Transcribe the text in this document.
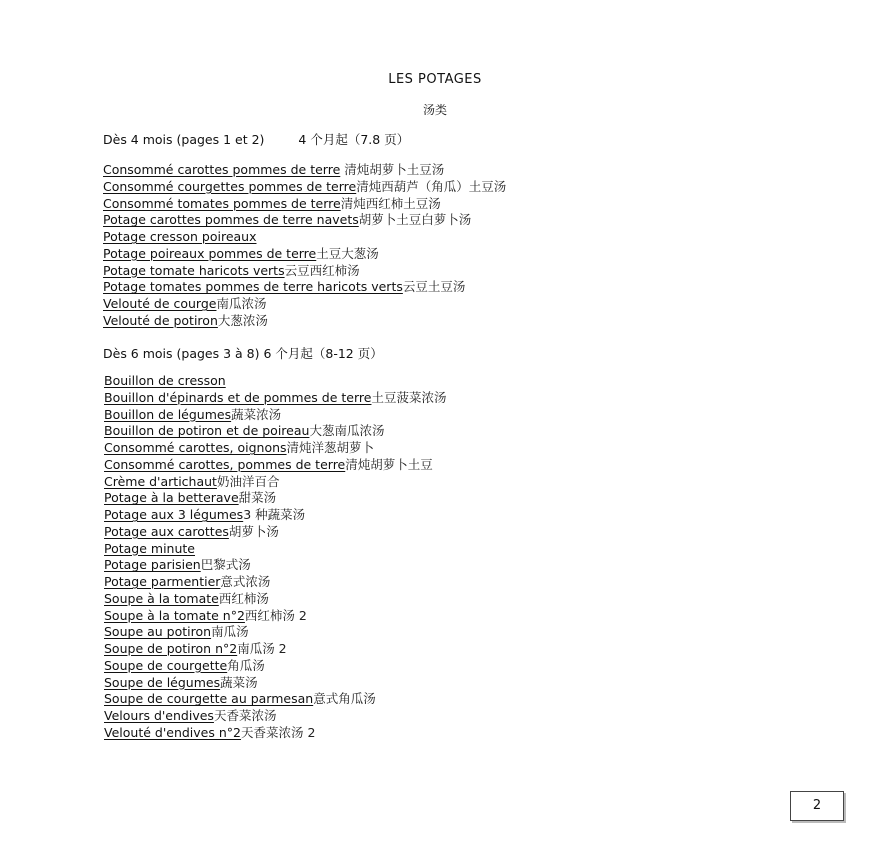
LES POTAGES
汤类
Dès 4 mois (pages 1 et 2)	4 个月起（7.8 页）
Consommé carottes pommes de terre 清炖胡萝卜土豆汤
Consommé courgettes pommes de terre清炖西葫芦（角瓜）土豆汤
Consommé tomates pommes de terre清炖西红柿土豆汤
Potage carottes pommes de terre navets胡萝卜土豆白萝卜汤
Potage cresson poireaux
Potage poireaux pommes de terre土豆大葱汤
Potage tomate haricots verts云豆西红柿汤
Potage tomates pommes de terre haricots verts云豆土豆汤
Velouté de courge南瓜浓汤
Velouté de potiron大葱浓汤
Dès 6 mois (pages 3 à 8) 6 个月起（8-12 页）
Bouillon de cresson
Bouillon d'épinards et de pommes de terre土豆菠菜浓汤
Bouillon de légumes蔬菜浓汤
Bouillon de potiron et de poireau大葱南瓜浓汤
Consommé carottes, oignons清炖洋葱胡萝卜
Consommé carottes, pommes de terre清炖胡萝卜土豆
Crème d'artichaut奶油洋百合
Potage à la betterave甜菜汤
Potage aux 3 légumes3 种蔬菜汤
Potage aux carottes胡萝卜汤
Potage minute
Potage parisien巴黎式汤
Potage parmentier意式浓汤
Soupe à la tomate西红柿汤
Soupe à la tomate n°2西红柿汤 2
Soupe au potiron南瓜汤
Soupe de potiron n°2南瓜汤 2
Soupe de courgette角瓜汤
Soupe de légumes蔬菜汤
Soupe de courgette au parmesan意式角瓜汤
Velours d'endives天香菜浓汤
Velouté d'endives n°2天香菜浓汤 2
2
